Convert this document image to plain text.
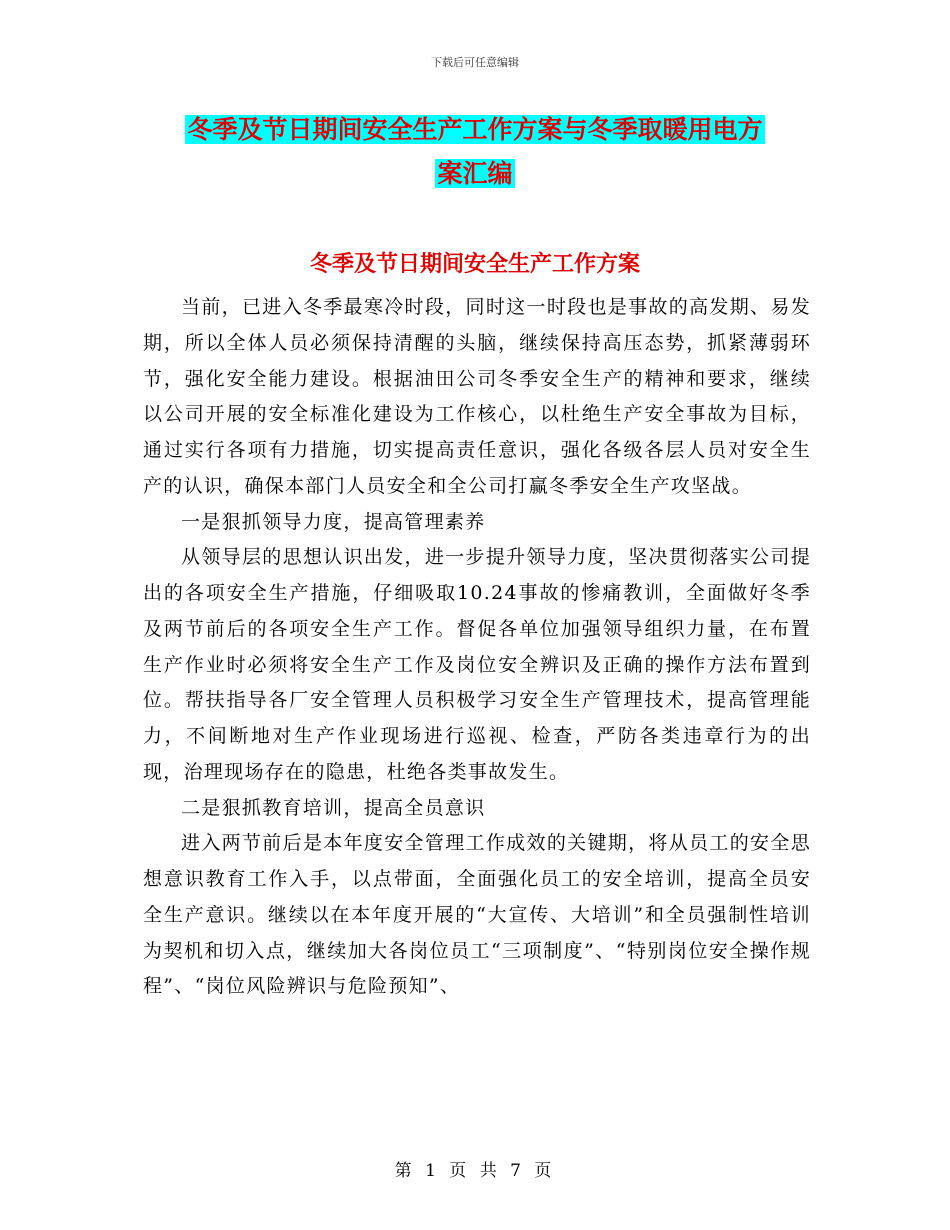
下载后可任意编辑
冬季及节日期间安全生产工作方案与冬季取暖用电方
案汇编
冬季及节日期间安全生产工作方案

当前，已进入冬季最寒冷时段，同时这一时段也是事故的高发期、易发期，所以全体人员必须保持清醒的头脑，继续保持高压态势，抓紧薄弱环节，强化安全能力建设。根据油田公司冬季安全生产的精神和要求，继续以公司开展的安全标准化建设为工作核心，以杜绝生产安全事故为目标，通过实行各项有力措施，切实提高责任意识，强化各级各层人员对安全生产的认识，确保本部门人员安全和全公司打赢冬季安全生产攻坚战。

一是狠抓领导力度，提高管理素养

从领导层的思想认识出发，进一步提升领导力度，坚决贯彻落实公司提出的各项安全生产措施，仔细吸取10.24事故的惨痛教训，全面做好冬季及两节前后的各项安全生产工作。督促各单位加强领导组织力量，在布置生产作业时必须将安全生产工作及岗位安全辨识及正确的操作方法布置到位。帮扶指导各厂安全管理人员积极学习安全生产管理技术，提高管理能力，不间断地对生产作业现场进行巡视、检查，严防各类违章行为的出现，治理现场存在的隐患，杜绝各类事故发生。

二是狠抓教育培训，提高全员意识

进入两节前后是本年度安全管理工作成效的关键期，将从员工的安全思想意识教育工作入手，以点带面，全面强化员工的安全培训，提高全员安全生产意识。继续以在本年度开展的“大宣传、大培训”和全员强制性培训为契机和切入点，继续加大各岗位员工“三项制度”、“特别岗位安全操作规程”、“岗位风险辨识与危险预知”、

第 1 页 共 7 页
